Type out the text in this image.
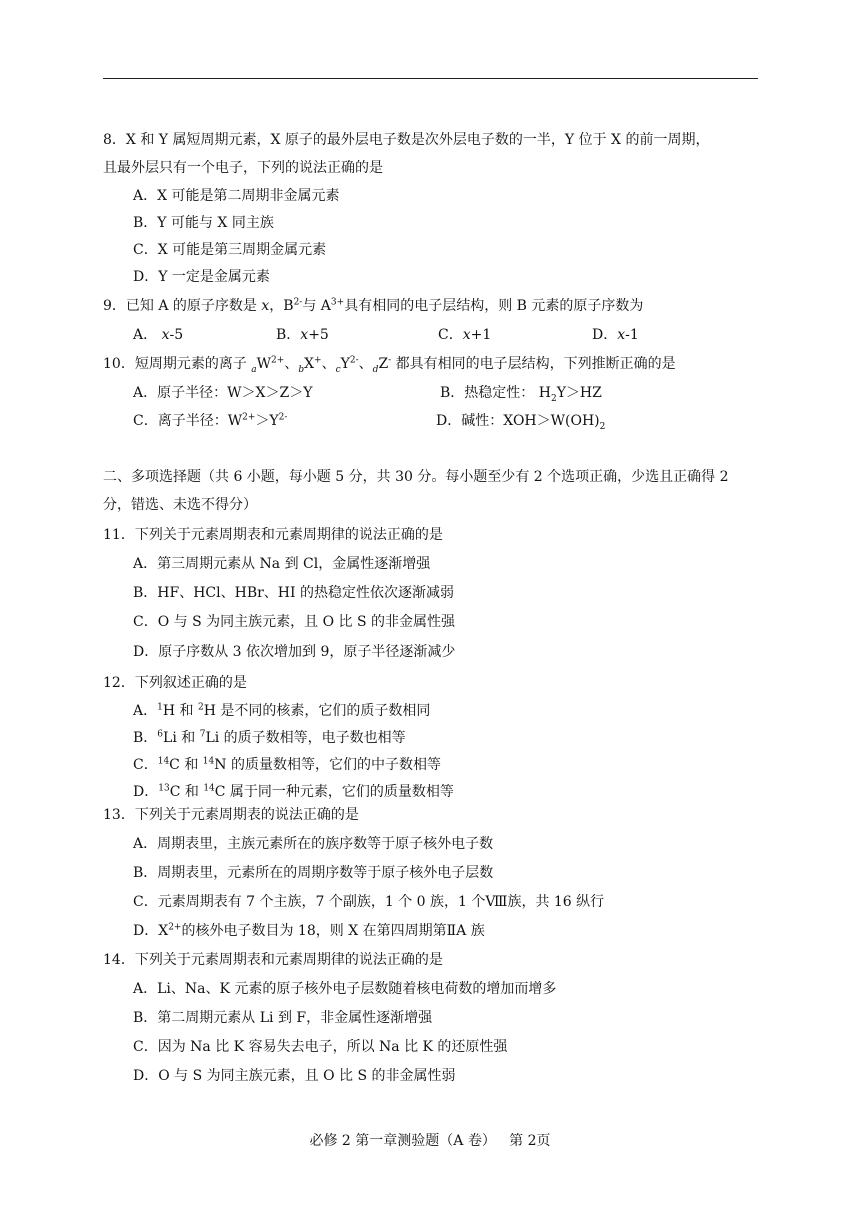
8．X 和 Y 属短周期元素，X 原子的最外层电子数是次外层电子数的一半，Y 位于 X 的前一周期，
且最外层只有一个电子，下列的说法正确的是
A．X 可能是第二周期非金属元素
B．Y 可能与 X 同主族
C．X 可能是第三周期金属元素
D．Y 一定是金属元素
9．已知 A 的原子序数是 x，$B^{2-}$与 $A^{3+}$具有相同的电子层结构，则 B 元素的原子序数为
A． x-5	B．x+5	C．x+1	D．x-1
10．短周期元素的离子 $_aW^{2+}$、$_b$X+、$_cY^{2-}$、$_d$Z- 都具有相同的电子层结构，下列推断正确的是
A．原子半径：W＞X＞Z＞Y	B．热稳定性： $H_2Y>HZ$
C．离子半径：$W^{2+}>Y^{2-}$	D．碱性：$XOH>W(OH)_2$
二、多项选择题（共 6 小题，每小题 5 分，共 30 分。每小题至少有 2 个选项正确，少选且正确得 2
分，错选、未选不得分）
11．下列关于元素周期表和元素周期律的说法正确的是
A．第三周期元素从 Na 到 Cl，金属性逐渐增强
B．HF、HCl、HBr、HI 的热稳定性依次逐渐减弱
C．O 与 S 为同主族元素，且 O 比 S 的非金属性强
D．原子序数从 3 依次增加到 9，原子半径逐渐减少
12．下列叙述正确的是
A．$^1$H 和 $^2$H 是不同的核素，它们的质子数相同
B．$^6$Li 和 $^7$Li 的质子数相等，电子数也相等
C．$^{14}$C 和 $^{14}$N 的质量数相等，它们的中子数相等
D．$^{13}$C 和 $^{14}$C 属于同一种元素，它们的质量数相等
13．下列关于元素周期表的说法正确的是
A．周期表里，主族元素所在的族序数等于原子核外电子数
B．周期表里，元素所在的周期序数等于原子核外电子层数
C．元素周期表有 7 个主族，7 个副族，1 个 0 族，1 个Ⅷ族，共 16 纵行
D．$X^{2+}$的核外电子数目为 18，则 X 在第四周期第ⅡA 族
14．下列关于元素周期表和元素周期律的说法正确的是
A．Li、Na、K 元素的原子核外电子层数随着核电荷数的增加而增多
B．第二周期元素从 Li 到 F，非金属性逐渐增强
C．因为 Na 比 K 容易失去电子，所以 Na 比 K 的还原性强
D．O 与 S 为同主族元素，且 O 比 S 的非金属性弱
必修 2 第一章测验题（A 卷）   第 2页
